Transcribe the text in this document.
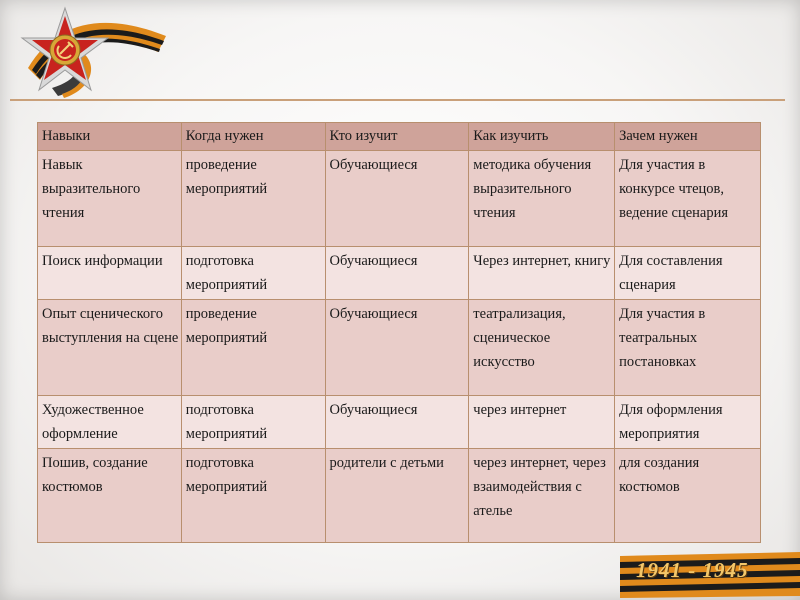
1941 - 1945
Навыки	Когда нужен	Кто изучит	Как изучить	Зачем нужен
Навык выразительного чтения	проведение мероприятий	Обучающиеся	методика обучения выразительного чтения	Для участия в конкурсе чтецов, ведение сценария
Поиск информации	подготовка мероприятий	Обучающиеся	Через интернет, книгу	Для составления сценария
Опыт сценического выступления на сцене	проведение мероприятий	Обучающиеся	театрализация, сценическое искусство	Для участия в театральных постановках
Художественное оформление	подготовка мероприятий	Обучающиеся	через интернет	Для оформления мероприятия
Пошив, создание костюмов	подготовка мероприятий	родители с детьми	через интернет, через взаимодействия с ателье	для создания костюмов
